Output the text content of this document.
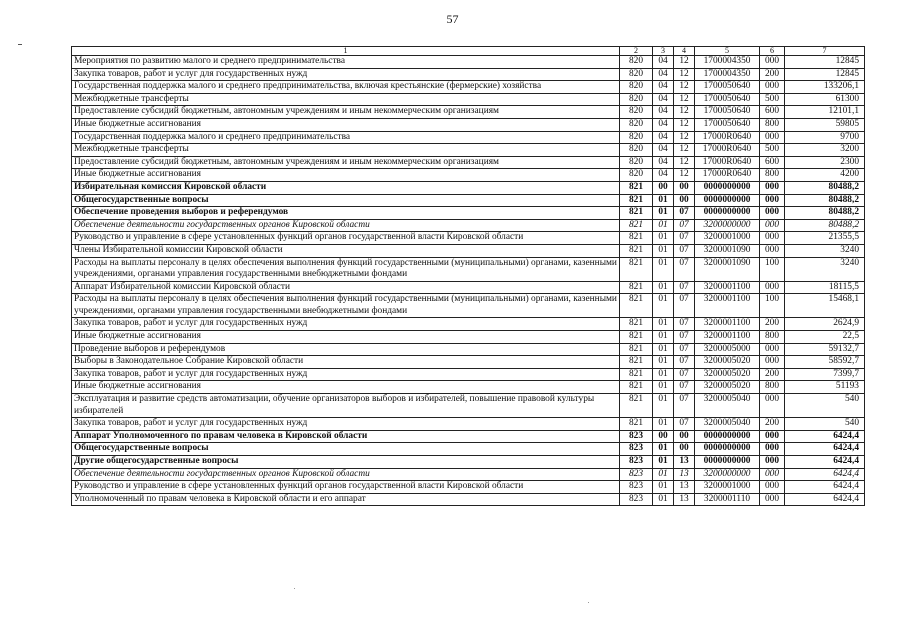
57
1	2	3	4	5	6	7
Мероприятия по развитию малого и среднего предпринимательства	820	04	12	1700004350	000	12845
Закупка товаров, работ и услуг для государственных нужд	820	04	12	1700004350	200	12845
Государственная поддержка малого и среднего предпринимательства, включая крестьянские (фермерские) хозяйства	820	04	12	1700050640	000	133206,1
Межбюджетные трансферты	820	04	12	1700050640	500	61300
Предоставление субсидий бюджетным, автономным учреждениям и иным некоммерческим организациям	820	04	12	1700050640	600	12101,1
Иные бюджетные ассигнования	820	04	12	1700050640	800	59805
Государственная поддержка малого и среднего предпринимательства	820	04	12	17000R0640	000	9700
Межбюджетные трансферты	820	04	12	17000R0640	500	3200
Предоставление субсидий бюджетным, автономным учреждениям и иным некоммерческим организациям	820	04	12	17000R0640	600	2300
Иные бюджетные ассигнования	820	04	12	17000R0640	800	4200
Избирательная комиссия Кировской области	821	00	00	0000000000	000	80488,2
Общегосударственные вопросы	821	01	00	0000000000	000	80488,2
Обеспечение проведения выборов и референдумов	821	01	07	0000000000	000	80488,2
Обеспечение деятельности государственных органов Кировской области	821	01	07	3200000000	000	80488,2
Руководство и управление в сфере установленных функций органов государственной власти Кировской области	821	01	07	3200001000	000	21355,5
Члены Избирательной комиссии Кировской области	821	01	07	3200001090	000	3240
Расходы на выплаты персоналу в целях обеспечения выполнения функций государственными (муниципальными) органами, казенными учреждениями, органами управления государственными внебюджетными фондами	821	01	07	3200001090	100	3240
Аппарат Избирательной комиссии Кировской области	821	01	07	3200001100	000	18115,5
Расходы на выплаты персоналу в целях обеспечения выполнения функций государственными (муниципальными) органами, казенными учреждениями, органами управления государственными внебюджетными фондами	821	01	07	3200001100	100	15468,1
Закупка товаров, работ и услуг для государственных нужд	821	01	07	3200001100	200	2624,9
Иные бюджетные ассигнования	821	01	07	3200001100	800	22,5
Проведение выборов и референдумов	821	01	07	3200005000	000	59132,7
Выборы в Законодательное Собрание Кировской области	821	01	07	3200005020	000	58592,7
Закупка товаров, работ и услуг для государственных нужд	821	01	07	3200005020	200	7399,7
Иные бюджетные ассигнования	821	01	07	3200005020	800	51193
Эксплуатация и развитие средств автоматизации, обучение организаторов выборов и избирателей, повышение правовой культуры избирателей	821	01	07	3200005040	000	540
Закупка товаров, работ и услуг для государственных нужд	821	01	07	3200005040	200	540
Аппарат Уполномоченного по правам человека в Кировской области	823	00	00	0000000000	000	6424,4
Общегосударственные вопросы	823	01	00	0000000000	000	6424,4
Другие общегосударственные вопросы	823	01	13	0000000000	000	6424,4
Обеспечение деятельности государственных органов Кировской области	823	01	13	3200000000	000	6424,4
Руководство и управление в сфере установленных функций органов государственной власти Кировской области	823	01	13	3200001000	000	6424,4
Уполномоченный по правам человека в Кировской области и его аппарат	823	01	13	3200001110	000	6424,4
